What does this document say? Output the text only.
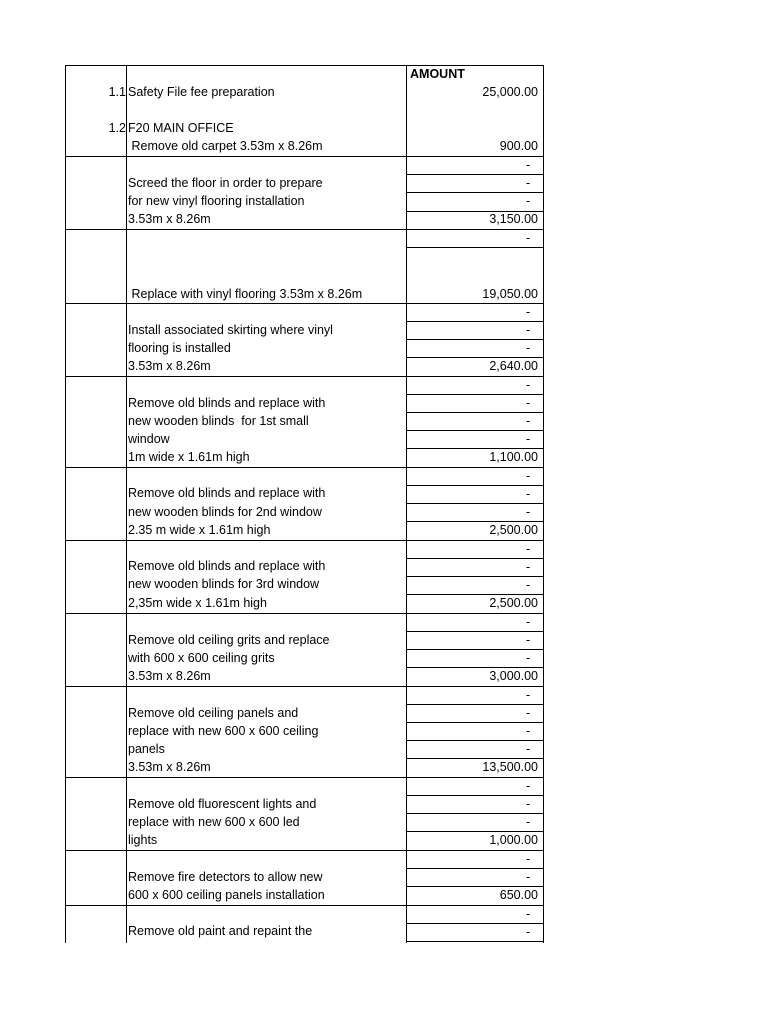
AMOUNT
1.1
1.2
Safety File fee preparation
F20 MAIN OFFICE
Remove old carpet 3.53m x 8.26m
Screed the floor in order to prepare
for new vinyl flooring installation
3.53m x 8.26m
Replace with vinyl flooring 3.53m x 8.26m
Install associated skirting where vinyl
flooring is installed
3.53m x 8.26m
Remove old blinds and replace with
new wooden blinds  for 1st small
window
1m wide x 1.61m high
Remove old blinds and replace with
new wooden blinds for 2nd window
2.35 m wide x 1.61m high
Remove old blinds and replace with
new wooden blinds for 3rd window
2,35m wide x 1.61m high
Remove old ceiling grits and replace
with 600 x 600 ceiling grits
3.53m x 8.26m
Remove old ceiling panels and
replace with new 600 x 600 ceiling
panels
3.53m x 8.26m
Remove old fluorescent lights and
replace with new 600 x 600 led
lights
Remove fire detectors to allow new
600 x 600 ceiling panels installation
Remove old paint and repaint the
25,000.00
900.00
3,150.00
19,050.00
2,640.00
1,100.00
2,500.00
2,500.00
3,000.00
13,500.00
1,000.00
650.00
-
-
-
-
-
-
-
-
-
-
-
-
-
-
-
-
-
-
-
-
-
-
-
-
-
-
-
-
-
-
-
